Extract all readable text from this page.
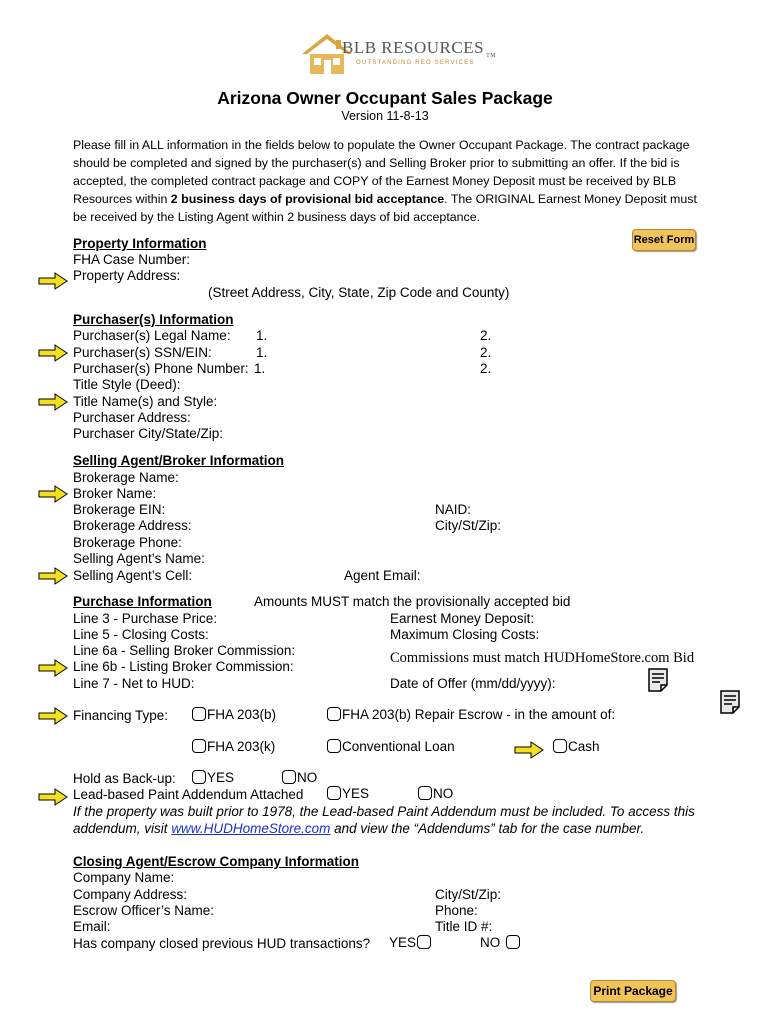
BLB RESOURCES $_{TM}$
OUTSTANDING REO SERVICES
Arizona Owner Occupant Sales Package
Version 11-8-13
Please fill in ALL information in the fields below to populate the Owner Occupant Package. The contract package should be completed and signed by the purchaser(s) and Selling Broker prior to submitting an offer. If the bid is accepted, the completed contract package and COPY of the Earnest Money Deposit must be received by BLB Resources within 2 business days of provisional bid acceptance. The ORIGINAL Earnest Money Deposit must be received by the Listing Agent within 2 business days of bid acceptance.
Reset Form
Property Information
FHA Case Number:
Property Address:
(Street Address, City, State, Zip Code and County)
Purchaser(s) Information
Purchaser(s) Legal Name: 1.	2.
Purchaser(s) SSN/EIN:	1.	2.
Purchaser(s) Phone Number: 1.	2.
Title Style (Deed):
Title Name(s) and Style:
Purchaser Address:
Purchaser City/State/Zip:
Selling Agent/Broker Information
Brokerage Name:
Broker Name:
Brokerage EIN:	NAID:
Brokerage Address:	City/St/Zip:
Brokerage Phone:
Selling Agent’s Name:
Selling Agent’s Cell:	Agent Email:
Purchase Information	Amounts MUST match the provisionally accepted bid
Line 3 - Purchase Price:	Earnest Money Deposit:
Line 5 - Closing Costs:	Maximum Closing Costs:
Line 6a - Selling Broker Commission:
Line 6b - Listing Broker Commission:
Commissions must match HUDHomeStore.com Bid
Line 7 - Net to HUD:	Date of Offer (mm/dd/yyyy):
Financing Type:	FHA 203(b)	FHA 203(b) Repair Escrow - in the amount of:
FHA 203(k)	Conventional Loan	Cash
Hold as Back-up:	YES	NO
Lead-based Paint Addendum Attached	YES	NO
If the property was built prior to 1978, the Lead-based Paint Addendum must be included. To access this addendum, visit www.HUDHomeStore.com and view the “Addendums” tab for the case number.
Closing Agent/Escrow Company Information
Company Name:
Company Address:	City/St/Zip:
Escrow Officer’s Name:	Phone:
Email:	Title ID #:
Has company closed previous HUD transactions? YES	NO
Print Package
